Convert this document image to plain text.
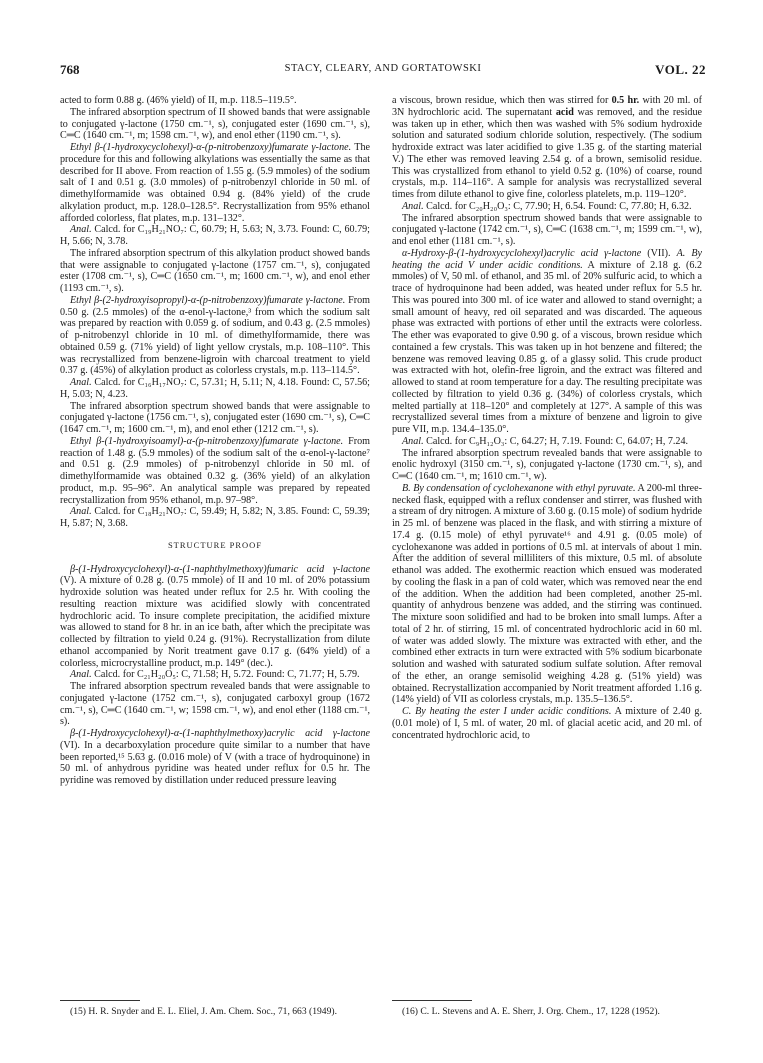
768	STACY, CLEARY, AND GORTATOWSKI	VOL. 22

acted to form 0.88 g. (46% yield) of II, m.p. 118.5–119.5°.

The infrared absorption spectrum of II showed bands that were assignable to conjugated γ-lactone (1750 cm.⁻¹, s), conjugated ester (1690 cm.⁻¹, s), C═C (1640 cm.⁻¹, m; 1598 cm.⁻¹, w), and enol ether (1190 cm.⁻¹, s).

Ethyl β-(1-hydroxycyclohexyl)-α-(p-nitrobenzoxy)fumarate γ-lactone. The procedure for this and following alkylations was essentially the same as that described for II above. From reaction of 1.55 g. (5.9 mmoles) of the sodium salt of I and 0.51 g. (3.0 mmoles) of p-nitrobenzyl chloride in 50 ml. of dimethylformamide was obtained 0.94 g. (84% yield) of the crude alkylation product, m.p. 128.0–128.5°. Recrystallization from 95% ethanol afforded colorless, flat plates, m.p. 131–132°.

Anal. Calcd. for C₁₉H₂₁NO₇: C, 60.79; H, 5.63; N, 3.73. Found: C, 60.79; H, 5.66; N, 3.78.

The infrared absorption spectrum of this alkylation product showed bands that were assignable to conjugated γ-lactone (1757 cm.⁻¹, s), conjugated ester (1708 cm.⁻¹, s), C═C (1650 cm.⁻¹, m; 1600 cm.⁻¹, w), and enol ether (1193 cm.⁻¹, s).

Ethyl β-(2-hydroxyisopropyl)-α-(p-nitrobenzoxy)fumarate γ-lactone. From 0.50 g. (2.5 mmoles) of the α-enol-γ-lactone,³ from which the sodium salt was prepared by reaction with 0.059 g. of sodium, and 0.43 g. (2.5 mmoles) of p-nitrobenzyl chloride in 10 ml. of dimethylformamide, there was obtained 0.59 g. (71% yield) of light yellow crystals, m.p. 108–110°. This was recrystallized from benzene-ligroin with charcoal treatment to yield 0.37 g. (45%) of alkylation product as colorless crystals, m.p. 113–114.5°.

Anal. Calcd. for C₁₆H₁₇NO₇: C, 57.31; H, 5.11; N, 4.18. Found: C, 57.56; H, 5.03; N, 4.23.

The infrared absorption spectrum showed bands that were assignable to conjugated γ-lactone (1756 cm.⁻¹, s), conjugated ester (1690 cm.⁻¹, s), C═C (1647 cm.⁻¹, m; 1600 cm.⁻¹, m), and enol ether (1212 cm.⁻¹, s).

Ethyl β-(1-hydroxyisoamyl)-α-(p-nitrobenzoxy)fumarate γ-lactone. From reaction of 1.48 g. (5.9 mmoles) of the sodium salt of the α-enol-γ-lactone⁷ and 0.51 g. (2.9 mmoles) of p-nitrobenzyl chloride in 50 ml. of dimethylformamide was obtained 0.32 g. (36% yield) of an alkylation product, m.p. 95–96°. An analytical sample was prepared by repeated recrystallization from 95% ethanol, m.p. 97–98°.

Anal. Calcd. for C₁₈H₂₁NO₇: C, 59.49; H, 5.82; N, 3.85. Found: C, 59.39; H, 5.87; N, 3.68.

STRUCTURE PROOF

β-(1-Hydroxycyclohexyl)-α-(1-naphthylmethoxy)fumaric acid γ-lactone (V). A mixture of 0.28 g. (0.75 mmole) of II and 10 ml. of 20% potassium hydroxide solution was heated under reflux for 2.5 hr. With cooling the resulting reaction mixture was acidified slowly with concentrated hydrochloric acid. To insure complete precipitation, the acidified mixture was allowed to stand for 8 hr. in an ice bath, after which the precipitate was collected by filtration to yield 0.24 g. (91%). Recrystallization from dilute ethanol accompanied by Norit treatment gave 0.17 g. (64% yield) of a colorless, microcrystalline product, m.p. 149° (dec.).

Anal. Calcd. for C₂₁H₂₀O₅: C, 71.58; H, 5.72. Found: C, 71.77; H, 5.79.

The infrared absorption spectrum revealed bands that were assignable to conjugated γ-lactone (1752 cm.⁻¹, s), conjugated carboxyl group (1672 cm.⁻¹, s), C═C (1640 cm.⁻¹, w; 1598 cm.⁻¹, w), and enol ether (1188 cm.⁻¹, s).

β-(1-Hydroxycyclohexyl)-α-(1-naphthylmethoxy)acrylic acid γ-lactone (VI). In a decarboxylation procedure quite similar to a number that have been reported,¹⁵ 5.63 g. (0.016 mole) of V (with a trace of hydroquinone) in 50 ml. of anhydrous pyridine was heated under reflux for 0.5 hr. The pyridine was removed by distillation under reduced pressure leaving

a viscous, brown residue, which then was stirred for 0.5 hr. with 20 ml. of 3N hydrochloric acid. The supernatant acid was removed, and the residue was taken up in ether, which then was washed with 5% sodium hydroxide solution and saturated sodium chloride solution, respectively. (The sodium hydroxide extract was later acidified to give 1.35 g. of the starting material V.) The ether was removed leaving 2.54 g. of a brown, semisolid residue. This was crystallized from ethanol to yield 0.52 g. (10%) of coarse, round crystals, m.p. 114–116°. A sample for analysis was recrystallized several times from dilute ethanol to give fine, colorless platelets, m.p. 119–120°.

Anal. Calcd. for C₂₀H₂₀O₃: C, 77.90; H, 6.54. Found: C, 77.80; H, 6.32.

The infrared absorption spectrum showed bands that were assignable to conjugated γ-lactone (1742 cm.⁻¹, s), C═C (1638 cm.⁻¹, m; 1599 cm.⁻¹, w), and enol ether (1181 cm.⁻¹, s).

α-Hydroxy-β-(1-hydroxycyclohexyl)acrylic acid γ-lactone (VII). A. By heating the acid V under acidic conditions. A mixture of 2.18 g. (6.2 mmoles) of V, 50 ml. of ethanol, and 35 ml. of 20% sulfuric acid, to which a trace of hydroquinone had been added, was heated under reflux for 5.5 hr. This was poured into 300 ml. of ice water and allowed to stand overnight; a small amount of heavy, red oil separated and was discarded. The aqueous phase was extracted with portions of ether until the extracts were colorless. The ether was evaporated to give 0.90 g. of a viscous, brown residue which contained a few crystals. This was taken up in hot benzene and filtered; the benzene was removed leaving 0.85 g. of a glassy solid. This crude product was extracted with hot, olefin-free ligroin, and the extract was filtered and allowed to stand at room temperature for a day. The resulting precipitate was collected by filtration to yield 0.36 g. (34%) of colorless crystals, which melted partially at 118–120° and completely at 127°. A sample of this was recrystallized several times from a mixture of benzene and ligroin to give pure VII, m.p. 134.4–135.0°.

Anal. Calcd. for C₉H₁₂O₃: C, 64.27; H, 7.19. Found: C, 64.07; H, 7.24.

The infrared absorption spectrum revealed bands that were assignable to enolic hydroxyl (3150 cm.⁻¹, s), conjugated γ-lactone (1730 cm.⁻¹, s), and C═C (1640 cm.⁻¹, m; 1610 cm.⁻¹, w).

B. By condensation of cyclohexanone with ethyl pyruvate. A 200-ml three-necked flask, equipped with a reflux condenser and stirrer, was flushed with a stream of dry nitrogen. A mixture of 3.60 g. (0.15 mole) of sodium hydride in 25 ml. of benzene was placed in the flask, and with stirring a mixture of 17.4 g. (0.15 mole) of ethyl pyruvate¹⁶ and 4.91 g. (0.05 mole) of cyclohexanone was added in portions of 0.5 ml. at intervals of about 1 min. After the addition of several milliliters of this mixture, 0.5 ml. of absolute ethanol was added. The exothermic reaction which ensued was moderated by cooling the flask in a pan of cold water, which was removed near the end of the addition. When the addition had been completed, another 25-ml. quantity of anhydrous benzene was added, and the stirring was continued. The mixture soon solidified and had to be broken into small lumps. After a total of 2 hr. of stirring, 15 ml. of concentrated hydrochloric acid in 60 ml. of water was added slowly. The mixture was extracted with ether, and the combined ether extracts in turn were extracted with 5% sodium bicarbonate solution and washed with saturated sodium sulfate solution. After removal of the ether, an orange semisolid weighing 4.28 g. (51% yield) was obtained. Recrystallization accompanied by Norit treatment afforded 1.16 g. (14% yield) of VII as colorless crystals, m.p. 135.5–136.5°.

C. By heating the ester I under acidic conditions. A mixture of 2.40 g. (0.01 mole) of I, 5 ml. of water, 20 ml. of glacial acetic acid, and 20 ml. of concentrated hydrochloric acid, to

(15) H. R. Snyder and E. L. Eliel, J. Am. Chem. Soc., 71, 663 (1949).	(16) C. L. Stevens and A. E. Sherr, J. Org. Chem., 17, 1228 (1952).
